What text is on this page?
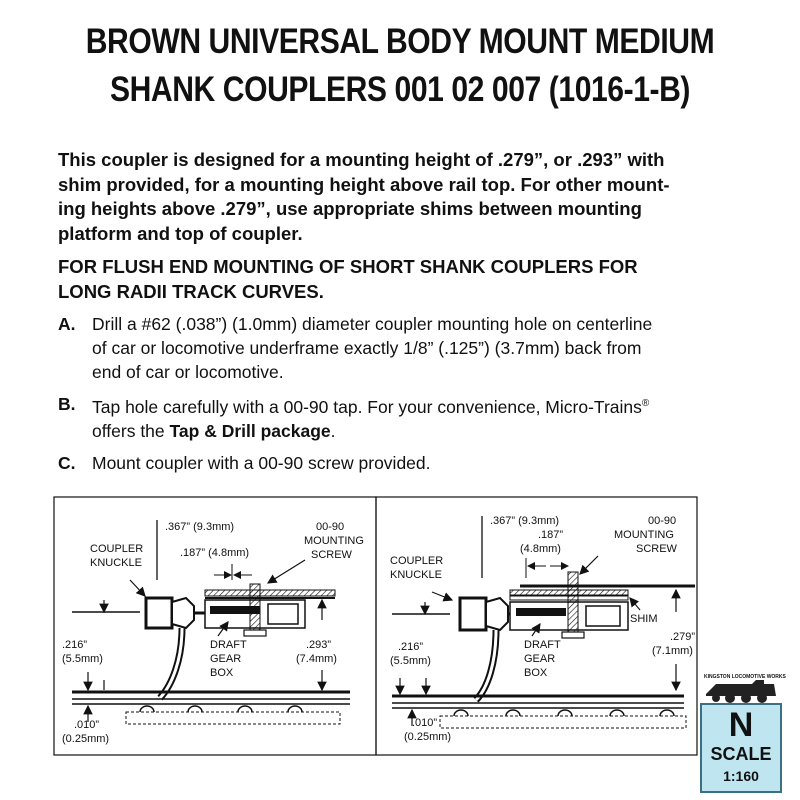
BROWN UNIVERSAL BODY MOUNT MEDIUM
SHANK COUPLERS 001 02 007 (1016-1-B)
This coupler is designed for a mounting height of .279”, or .293” with
shim provided, for a mounting height above rail top. For other mount-
ing heights above .279”, use appropriate shims between mounting
platform and top of coupler.
FOR FLUSH END MOUNTING OF SHORT SHANK COUPLERS FOR
LONG RADII TRACK CURVES.
A. Drill a #62 (.038”) (1.0mm) diameter coupler mounting hole on centerline
of car or locomotive underframe exactly 1/8” (.125”) (3.7mm) back from
end of car or locomotive.
B. Tap hole carefully with a 00-90 tap. For your convenience, Micro-Trains®
offers the Tap & Drill package.
C. Mount coupler with a 00-90 screw provided.
.367” (9.3mm)	00-90
MOUNTING
SCREW
.187” (4.8mm)
COUPLER
KNUCKLE
.216”
(5.5mm)
DRAFT
GEAR
BOX
.293”
(7.4mm)
.010”
(0.25mm)
.367” (9.3mm)	00-90
MOUNTING
SCREW
.187”
(4.8mm)
COUPLER
KNUCKLE
SHIM
.216”
(5.5mm)
DRAFT
GEAR
BOX
.279”
(7.1mm)
.010”
(0.25mm)
KINGSTON LOCOMOTIVE WORKS
N
SCALE
1:160
